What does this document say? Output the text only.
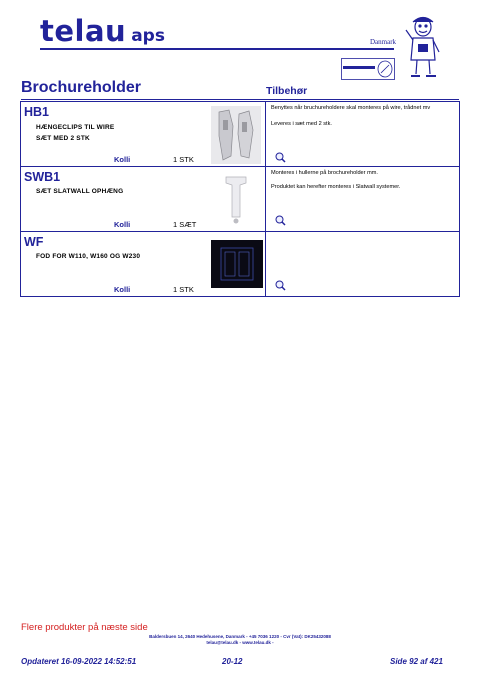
telau aps	Danmark
Brochureholder	Tilbehør
HB1
HÆNGECLIPS TIL WIRE
SÆT MED 2 STK
Kolli	1 STK
Benyttes når bruchureholdere skal monteres på wire, trådnet mv
Leveres i sæt med 2 stk.
SWB1
SÆT SLATWALL OPHÆNG
Kolli	1 SÆT
Monteres i hullerne på brochureholder mm.
Produktet kan herefter monteres i Slatwall systemer.
WF
FOD FOR W110, W160 OG W230
Kolli	1 STK
Flere produkter på næste side
Baldersbuen 14, 2640 Hedehusene, Danmark - +45 7036 1220 - Cvr (Vat): DK25432088
telau@telau.dk - www.telau.dk -
Opdateret 16-09-2022 14:52:51	20-12	Side 92 af 421
